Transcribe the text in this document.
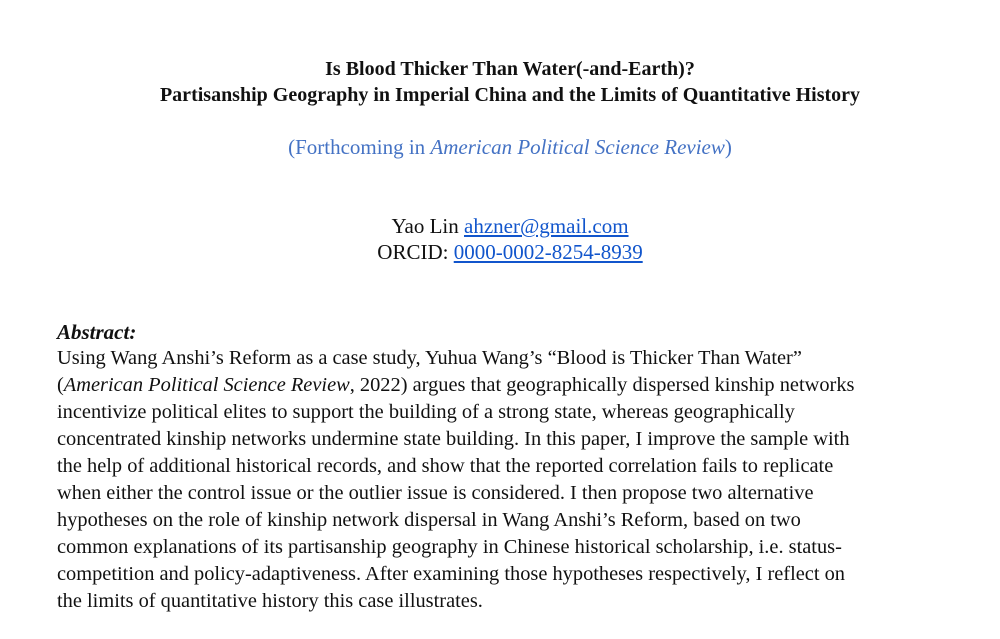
Is Blood Thicker Than Water(-and-Earth)?
Partisanship Geography in Imperial China and the Limits of Quantitative History
(Forthcoming in American Political Science Review)
Yao Lin ahzner@gmail.com
ORCID: 0000-0002-8254-8939
Abstract:
Using Wang Anshi’s Reform as a case study, Yuhua Wang’s “Blood is Thicker Than Water”
(American Political Science Review, 2022) argues that geographically dispersed kinship networks
incentivize political elites to support the building of a strong state, whereas geographically
concentrated kinship networks undermine state building. In this paper, I improve the sample with
the help of additional historical records, and show that the reported correlation fails to replicate
when either the control issue or the outlier issue is considered. I then propose two alternative
hypotheses on the role of kinship network dispersal in Wang Anshi’s Reform, based on two
common explanations of its partisanship geography in Chinese historical scholarship, i.e. status-
competition and policy-adaptiveness. After examining those hypotheses respectively, I reflect on
the limits of quantitative history this case illustrates.
